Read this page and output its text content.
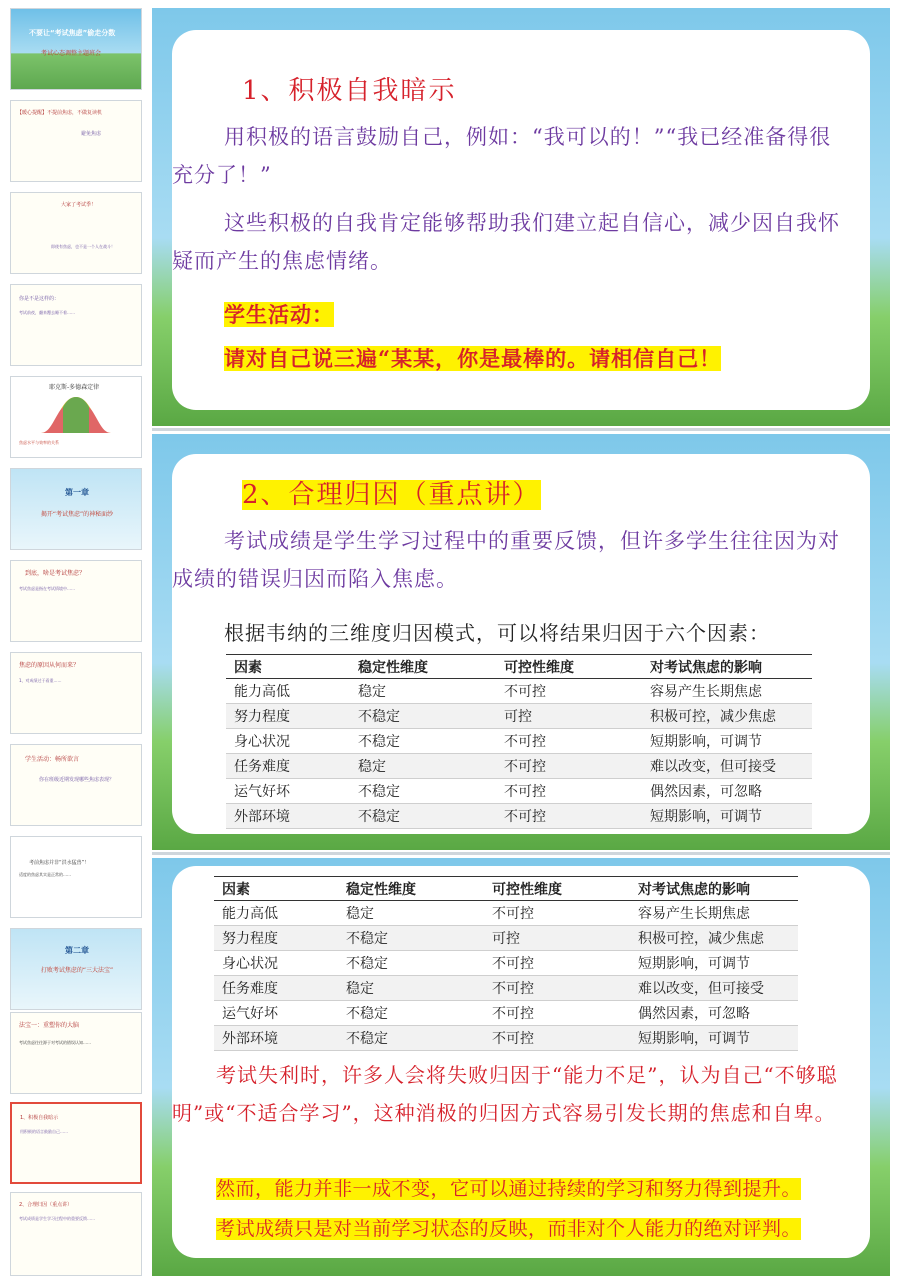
不要让“考试焦虑”偷走分数
考试心态调整主题班会
【暖心提醒】不提前焦虑，不做复读机
避免焦虑
大家了考试季！
即使有焦虑，也不是一个人在战斗！
你是不是这样的：
考试前夜，翻来覆去睡不着……
耶克斯-多德森定律
焦虑水平与效率的关系
第一章
揭开“考试焦虑”的神秘面纱
到底，啥是考试焦虑？
考试焦虑是指在考试情境中……
焦虑的原因从何而来？
1、对成绩过于看重……
学生活动：畅所欲言
你在班级近期发现哪些焦虑表现？
考前焦虑并非“洪水猛兽”！
适度的焦虑其实是正常的……
第二章
打败考试焦虑的“三大法宝”
法宝一：重塑你的大脑
考试焦虑往往源于对考试的错误认知……
1、积极自我暗示
用积极的语言鼓励自己……
2、合理归因（重点讲）
考试成绩是学生学习过程中的重要反馈……
1、积极自我暗示
用积极的语言鼓励自己，例如：“我可以的！”“我已经准备得很充分了！”
这些积极的自我肯定能够帮助我们建立起自信心，减少因自我怀疑而产生的焦虑情绪。
学生活动：
请对自己说三遍“某某，你是最棒的。请相信自己！
2、合理归因（重点讲）
考试成绩是学生学习过程中的重要反馈，但许多学生往往因为对成绩的错误归因而陷入焦虑。
根据韦纳的三维度归因模式，可以将结果归因于六个因素：
因素	稳定性维度	可控性维度	对考试焦虑的影响
能力高低	稳定	不可控	容易产生长期焦虑
努力程度	不稳定	可控	积极可控，减少焦虑
身心状况	不稳定	不可控	短期影响，可调节
任务难度	稳定	不可控	难以改变，但可接受
运气好坏	不稳定	不可控	偶然因素，可忽略
外部环境	不稳定	不可控	短期影响，可调节
因素	稳定性维度	可控性维度	对考试焦虑的影响
能力高低	稳定	不可控	容易产生长期焦虑
努力程度	不稳定	可控	积极可控，减少焦虑
身心状况	不稳定	不可控	短期影响，可调节
任务难度	稳定	不可控	难以改变，但可接受
运气好坏	不稳定	不可控	偶然因素，可忽略
外部环境	不稳定	不可控	短期影响，可调节
考试失利时，许多人会将失败归因于“能力不足”，认为自己“不够聪明”或“不适合学习”，这种消极的归因方式容易引发长期的焦虑和自卑。
然而，能力并非一成不变，它可以通过持续的学习和努力得到提升。
考试成绩只是对当前学习状态的反映，而非对个人能力的绝对评判。
